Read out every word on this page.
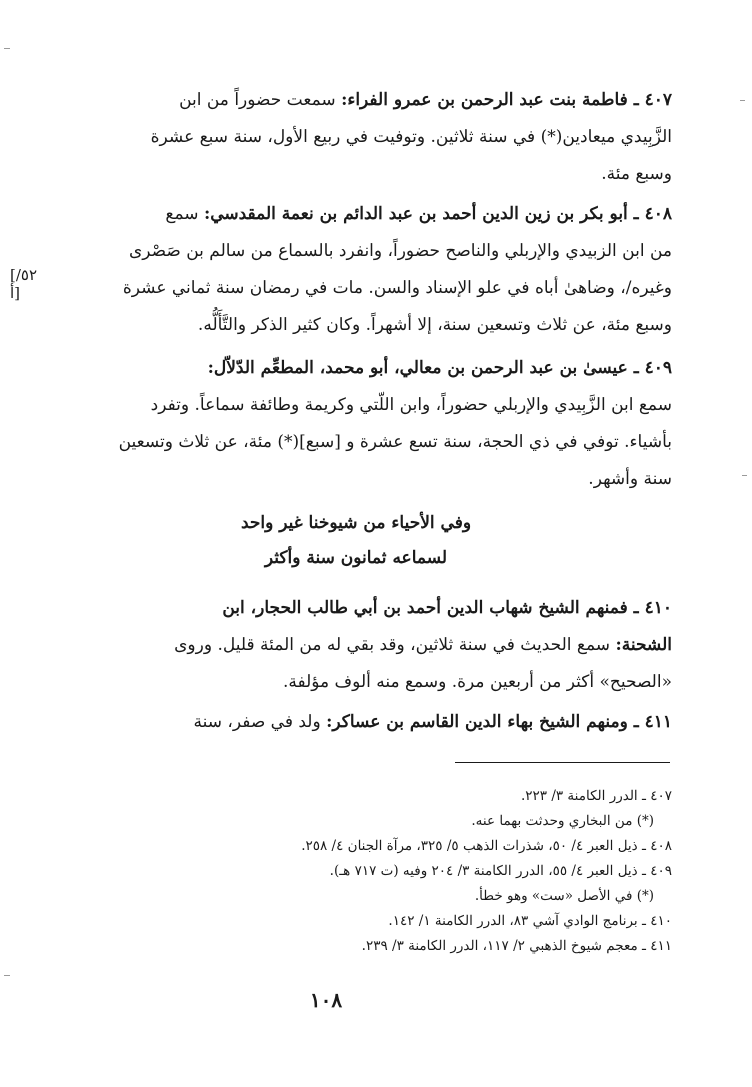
٤٠٧ ـ فاطمة بنت عبد الرحمن بن عمرو الفراء: سمعت حضوراً من ابن
الزَّبِيدي ميعادين(*) في سنة ثلاثين. وتوفيت في ربيع الأول، سنة سبع عشرة
وسبع مئة.
٤٠٨ ـ أبو بكر بن زين الدين أحمد بن عبد الدائم بن نعمة المقدسي: سمع
من ابن الزبيدي والإربلي والناصح حضوراً، وانفرد بالسماع من سالم بن صَصْرى
وغيره/، وضاهىٰ أباه في علو الإسناد والسن. مات في رمضان سنة ثماني عشرة
وسبع مئة، عن ثلاث وتسعين سنة، إلا أشهراً. وكان كثير الذكر والتَّأَلُّه.
[٥٢/أ]
٤٠٩ ـ عيسىٰ بن عبد الرحمن بن معالي، أبو محمد، المطعِّم الدّلاّل:
سمع ابن الزَّبِيدي والإربلي حضوراً، وابن اللّتي وكريمة وطائفة سماعاً. وتفرد
بأشياء. توفي في ذي الحجة، سنة تسع عشرة و [سبع](*) مئة، عن ثلاث وتسعين
سنة وأشهر.
وفي الأحياء من شيوخنا غير واحد
لسماعه ثمانون سنة وأكثر
٤١٠ ـ فمنهم الشيخ شهاب الدين أحمد بن أبي طالب الحجار، ابن
الشحنة: سمع الحديث في سنة ثلاثين، وقد بقي له من المئة قليل. وروى
«الصحيح» أكثر من أربعين مرة. وسمع منه ألوف مؤلفة.
٤١١ ـ ومنهم الشيخ بهاء الدين القاسم بن عساكر: ولد في صفر، سنة
٤٠٧ ـ الدرر الكامنة ٣/ ٢٢٣.
(*) من البخاري وحدثت بهما عنه.
٤٠٨ ـ ذيل العبر ٤/ ٥٠، شذرات الذهب ٥/ ٣٢٥، مرآة الجنان ٤/ ٢٥٨.
٤٠٩ ـ ذيل العبر ٤/ ٥٥، الدرر الكامنة ٣/ ٢٠٤ وفيه (ت ٧١٧ هـ).
(*) في الأصل «ست» وهو خطأ.
٤١٠ ـ برنامج الوادي آشي ٨٣، الدرر الكامنة ١/ ١٤٢.
٤١١ ـ معجم شيوخ الذهبي ٢/ ١١٧، الدرر الكامنة ٣/ ٢٣٩.
١٠٨
